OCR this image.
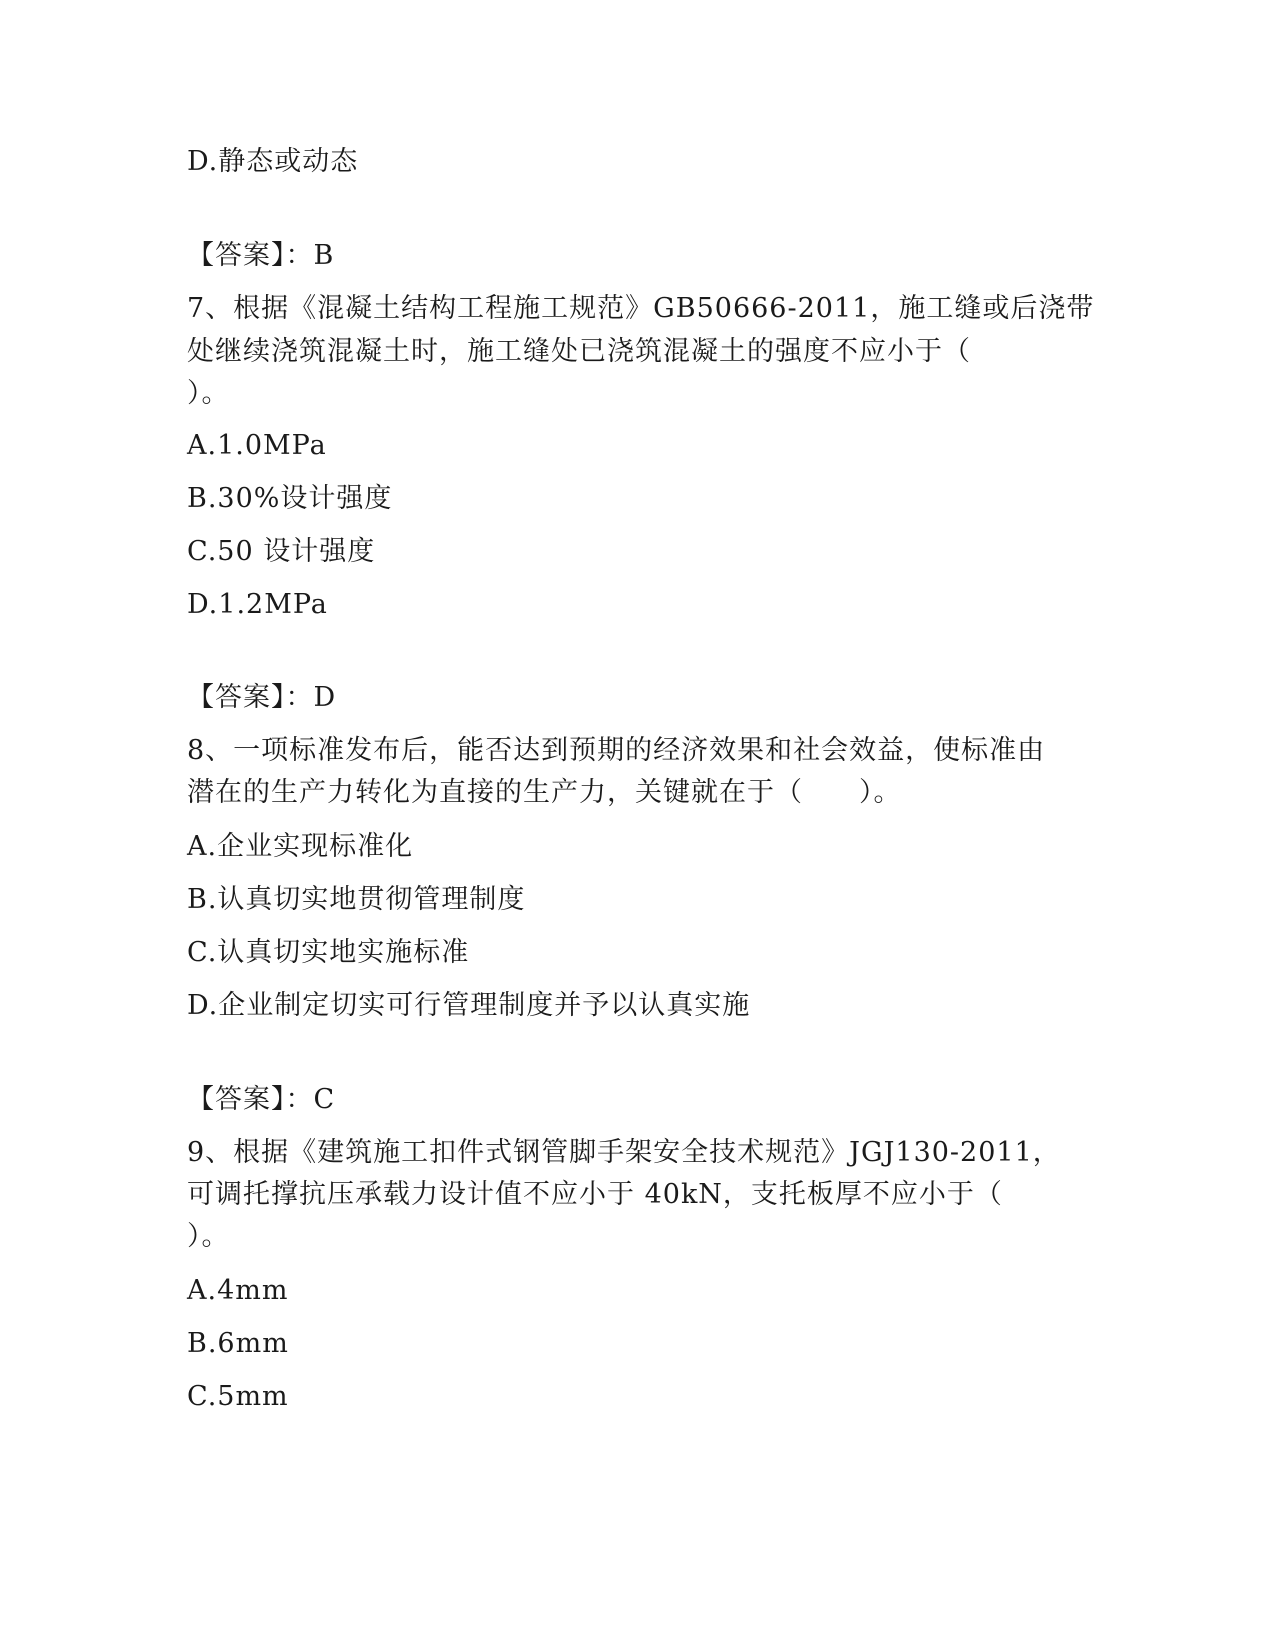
D.静态或动态
【答案】：B
7、根据《混凝土结构工程施工规范》GB50666-2011，施工缝或后浇带
处继续浇筑混凝土时，施工缝处已浇筑混凝土的强度不应小于（
）。
A.1.0MPa
B.30%设计强度
C.50 设计强度
D.1.2MPa
【答案】：D
8、一项标准发布后，能否达到预期的经济效果和社会效益，使标准由
潜在的生产力转化为直接的生产力，关键就在于（　　）。
A.企业实现标准化
B.认真切实地贯彻管理制度
C.认真切实地实施标准
D.企业制定切实可行管理制度并予以认真实施
【答案】：C
9、根据《建筑施工扣件式钢管脚手架安全技术规范》JGJ130-2011，
可调托撑抗压承载力设计值不应小于 40kN，支托板厚不应小于（
）。
A.4mm
B.6mm
C.5mm
